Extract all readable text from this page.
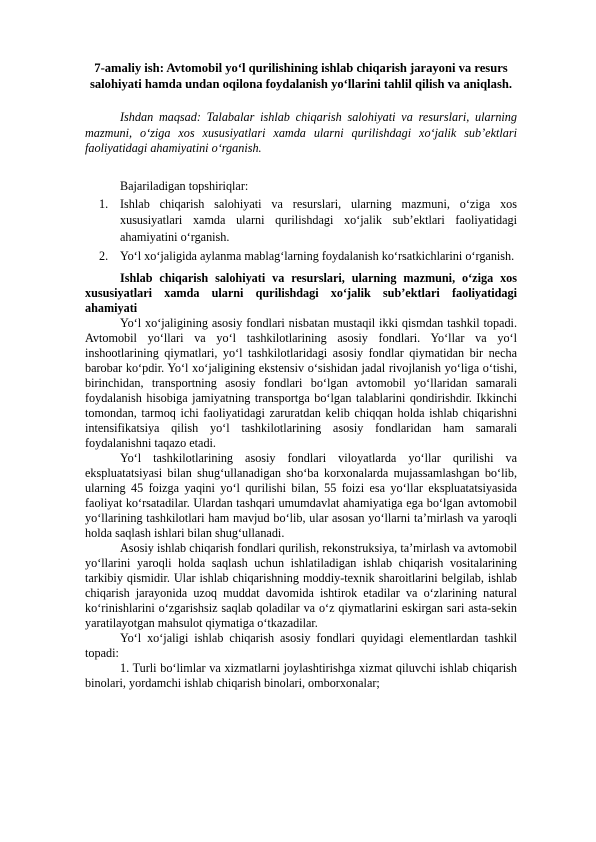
7-amaliy ish: Avtomobil yo‘l qurilishining ishlab chiqarish jarayoni va resurs salohiyati hamda undan oqilona foydalanish yo‘llarini tahlil qilish va aniqlash.

Ishdan maqsad: Talabalar ishlab chiqarish salohiyati va resurslari, ularning mazmuni, o‘ziga xos xususiyatlari xamda ularni qurilishdagi xo‘jalik sub’ektlari faoliyatidagi ahamiyatini o‘rganish.

Bajariladigan topshiriqlar:

1. Ishlab chiqarish salohiyati va resurslari, ularning mazmuni, o‘ziga xos xususiyatlari xamda ularni qurilishdagi xo‘jalik sub’ektlari faoliyatidagi ahamiyatini o‘rganish.
2. Yo‘l xo‘jaligida aylanma mablag‘larning foydalanish ko‘rsatkichlarini o‘rganish.

Ishlab chiqarish salohiyati va resurslari, ularning mazmuni, o‘ziga xos xususiyatlari xamda ularni qurilishdagi xo‘jalik sub’ektlari faoliyatidagi ahamiyati

Yo‘l xo‘jaligining asosiy fondlari nisbatan mustaqil ikki qismdan tashkil topadi. Avtomobil yo‘llari va yo‘l tashkilotlarining asosiy fondlari. Yo‘llar va yo‘l inshootlarining qiymatlari, yo‘l tashkilotlaridagi asosiy fondlar qiymatidan bir necha barobar ko‘pdir. Yo‘l xo‘jaligining ekstensiv o‘sishidan jadal rivojlanish yo‘liga o‘tishi, birinchidan, transportning asosiy fondlari bo‘lgan avtomobil yo‘llaridan samarali foydalanish hisobiga jamiyatning transportga bo‘lgan talablarini qondirishdir. Ikkinchi tomondan, tarmoq ichi faoliyatidagi zaruratdan kelib chiqqan holda ishlab chiqarishni intensifikatsiya qilish yo‘l tashkilotlarining asosiy fondlaridan ham samarali foydalanishni taqazo etadi.

Yo‘l tashkilotlarining asosiy fondlari viloyatlarda yo‘llar qurilishi va ekspluatatsiyasi bilan shug‘ullanadigan sho‘ba korxonalarda mujassamlashgan bo‘lib, ularning 45 foizga yaqini yo‘l qurilishi bilan, 55 foizi esa yo‘llar ekspluatatsiyasida faoliyat ko‘rsatadilar. Ulardan tashqari umumdavlat ahamiyatiga ega bo‘lgan avtomobil yo‘llarining tashkilotlari ham mavjud bo‘lib, ular asosan yo‘llarni ta’mirlash va yaroqli holda saqlash ishlari bilan shug‘ullanadi.

Asosiy ishlab chiqarish fondlari qurilish, rekonstruksiya, ta’mirlash va avtomobil yo‘llarini yaroqli holda saqlash uchun ishlatiladigan ishlab chiqarish vositalarining tarkibiy qismidir. Ular ishlab chiqarishning moddiy-texnik sharoitlarini belgilab, ishlab chiqarish jarayonida uzoq muddat davomida ishtirok etadilar va o‘zlarining natural ko‘rinishlarini o‘zgarishsiz saqlab qoladilar va o‘z qiymatlarini eskirgan sari asta-sekin yaratilayotgan mahsulot qiymatiga o‘tkazadilar.

Yo‘l xo‘jaligi ishlab chiqarish asosiy fondlari quyidagi elementlardan tashkil topadi:

1. Turli bo‘limlar va xizmatlarni joylashtirishga xizmat qiluvchi ishlab chiqarish binolari, yordamchi ishlab chiqarish binolari, omborxonalar;
